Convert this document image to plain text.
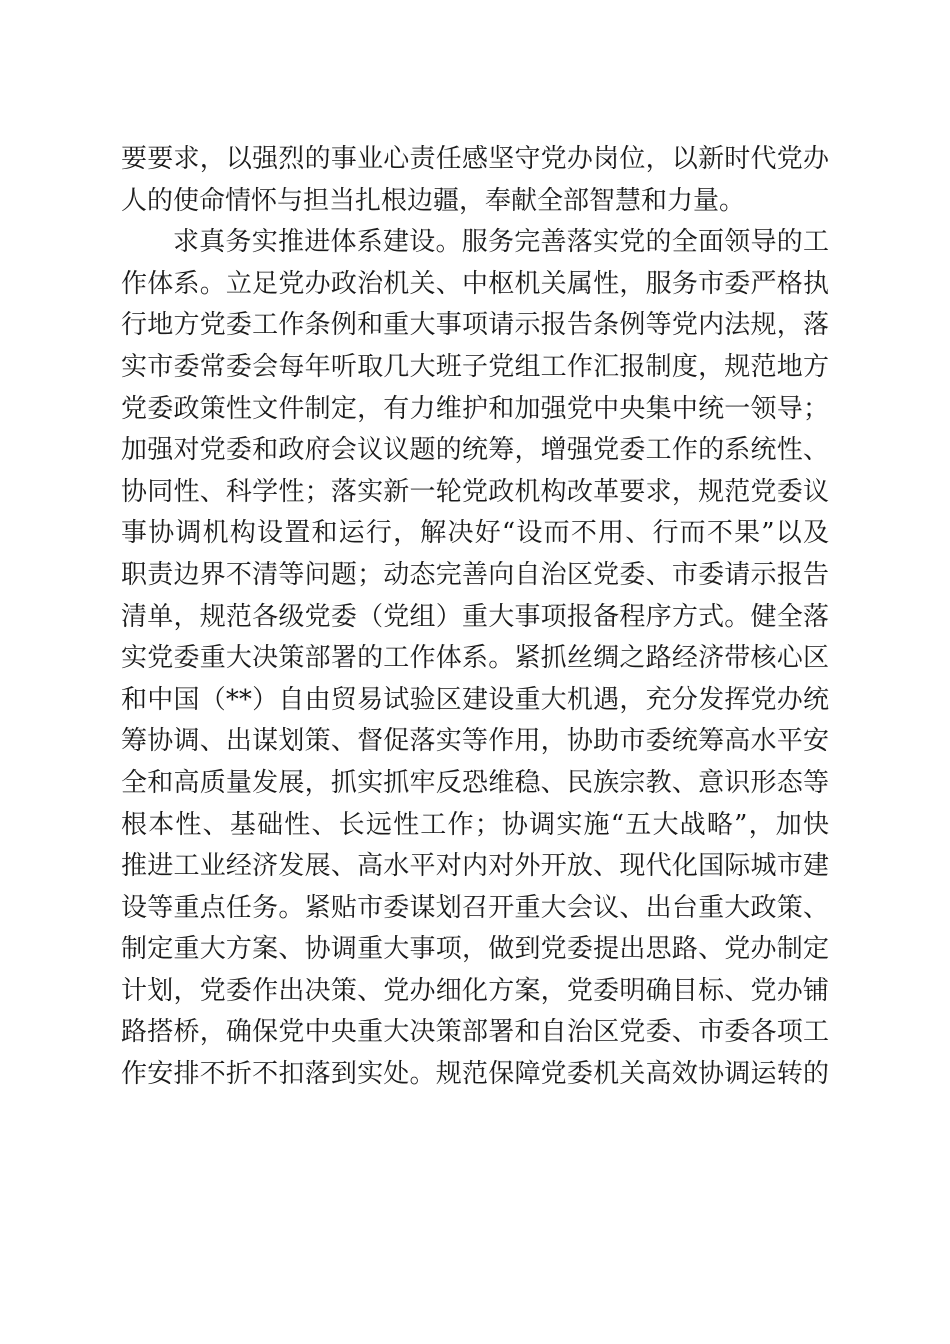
要要求，以强烈的事业心责任感坚守党办岗位，以新时代党办
人的使命情怀与担当扎根边疆，奉献全部智慧和力量。
求真务实推进体系建设。服务完善落实党的全面领导的工
作体系。立足党办政治机关、中枢机关属性，服务市委严格执
行地方党委工作条例和重大事项请示报告条例等党内法规，落
实市委常委会每年听取几大班子党组工作汇报制度，规范地方
党委政策性文件制定，有力维护和加强党中央集中统一领导；
加强对党委和政府会议议题的统筹，增强党委工作的系统性、
协同性、科学性；落实新一轮党政机构改革要求，规范党委议
事协调机构设置和运行，解决好“设而不用、行而不果”以及
职责边界不清等问题；动态完善向自治区党委、市委请示报告
清单，规范各级党委（党组）重大事项报备程序方式。健全落
实党委重大决策部署的工作体系。紧抓丝绸之路经济带核心区
和中国（**）自由贸易试验区建设重大机遇，充分发挥党办统
筹协调、出谋划策、督促落实等作用，协助市委统筹高水平安
全和高质量发展，抓实抓牢反恐维稳、民族宗教、意识形态等
根本性、基础性、长远性工作；协调实施“五大战略”，加快
推进工业经济发展、高水平对内对外开放、现代化国际城市建
设等重点任务。紧贴市委谋划召开重大会议、出台重大政策、
制定重大方案、协调重大事项，做到党委提出思路、党办制定
计划，党委作出决策、党办细化方案，党委明确目标、党办铺
路搭桥，确保党中央重大决策部署和自治区党委、市委各项工
作安排不折不扣落到实处。规范保障党委机关高效协调运转的
